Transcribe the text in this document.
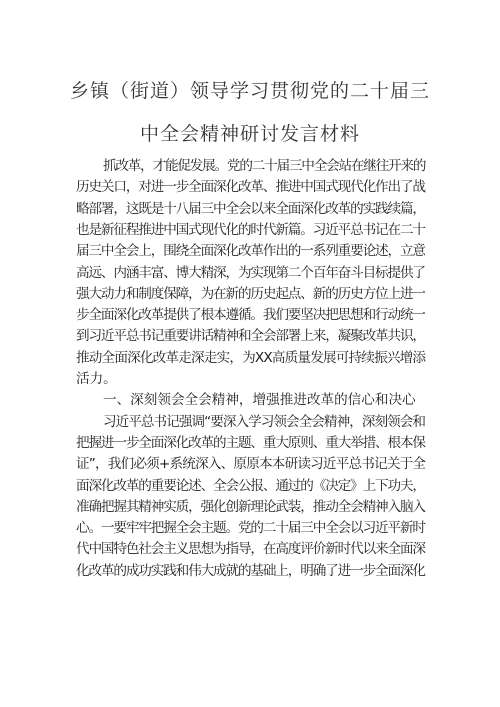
乡镇（街道）领导学习贯彻党的二十届三
中全会精神研讨发言材料
抓改革，才能促发展。党的二十届三中全会站在继往开来的
历史关口，对进一步全面深化改革、推进中国式现代化作出了战
略部署，这既是十八届三中全会以来全面深化改革的实践续篇，
也是新征程推进中国式现代化的时代新篇。习近平总书记在二十
届三中全会上，围绕全面深化改革作出的一系列重要论述，立意
高远、内涵丰富、博大精深，为实现第二个百年奋斗目标提供了
强大动力和制度保障，为在新的历史起点、新的历史方位上进一
步全面深化改革提供了根本遵循。我们要坚决把思想和行动统一
到习近平总书记重要讲话精神和全会部署上来，凝聚改革共识，
推动全面深化改革走深走实，为XX高质量发展可持续振兴增添
活力。
一、深刻领会全会精神，增强推进改革的信心和决心
习近平总书记强调“要深入学习领会全会精神，深刻领会和
把握进一步全面深化改革的主题、重大原则、重大举措、根本保
证”，我们必须+系统深入、原原本本研读习近平总书记关于全
面深化改革的重要论述、全会公报、通过的《决定》上下功夫，
准确把握其精神实质，强化创新理论武装，推动全会精神入脑入
心。一要牢牢把握全会主题。党的二十届三中全会以习近平新时
代中国特色社会主义思想为指导，在高度评价新时代以来全面深
化改革的成功实践和伟大成就的基础上，明确了进一步全面深化
